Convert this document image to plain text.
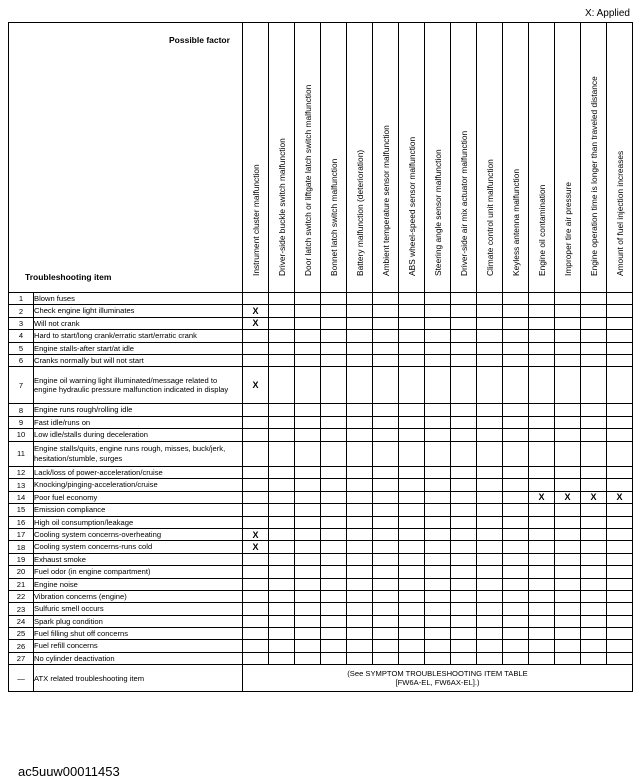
X: Applied
Possible factor
Troubleshooting item		Instrument cluster malfunction	Driver-side buckle switch malfunction	Door latch switch or liftgate latch switch malfunction	Bonnet latch switch malfunction	Battery malfunction (deterioration)	Ambient temperature sensor malfunction	ABS wheel-speed sensor malfunction	Steering angle sensor malfunction	Driver-side air mix actuator malfunction	Climate control unit malfunction	Keyless antenna malfunction	Engine oil contamination	Improper tire air pressure	Engine operation time is longer than traveled distance	Amount of fuel injection increases

1	Blown fuses															
2	Check engine light illuminates	X														
3	Will not crank	X														
4	Hard to start/long crank/erratic start/erratic crank															
5	Engine stalls-after start/at idle															
6	Cranks normally but will not start															
7	Engine oil warning light illuminated/message related to engine hydraulic pressure malfunction indicated in display	X														
8	Engine runs rough/rolling idle															
9	Fast idle/runs on															
10	Low idle/stalls during deceleration															
11	Engine stalls/quits, engine runs rough, misses, buck/jerk, hesitation/stumble, surges															
12	Lack/loss of power-acceleration/cruise															
13	Knocking/pinging-acceleration/cruise															
14	Poor fuel economy												X	X	X	X
15	Emission compliance															
16	High oil consumption/leakage															
17	Cooling system concerns-overheating	X														
18	Cooling system concerns-runs cold	X														
19	Exhaust smoke															
20	Fuel odor (in engine compartment)															
21	Engine noise															
22	Vibration concerns (engine)															
23	Sulfuric smell occurs															
24	Spark plug condition															
25	Fuel filling shut off concerns															
26	Fuel refill concerns															
27	No cylinder deactivation															
—	ATX related troubleshooting item	(See SYMPTOM TROUBLESHOOTING ITEM TABLE
[FW6A-EL, FW6AX-EL].)														
ac5uuw00011453
